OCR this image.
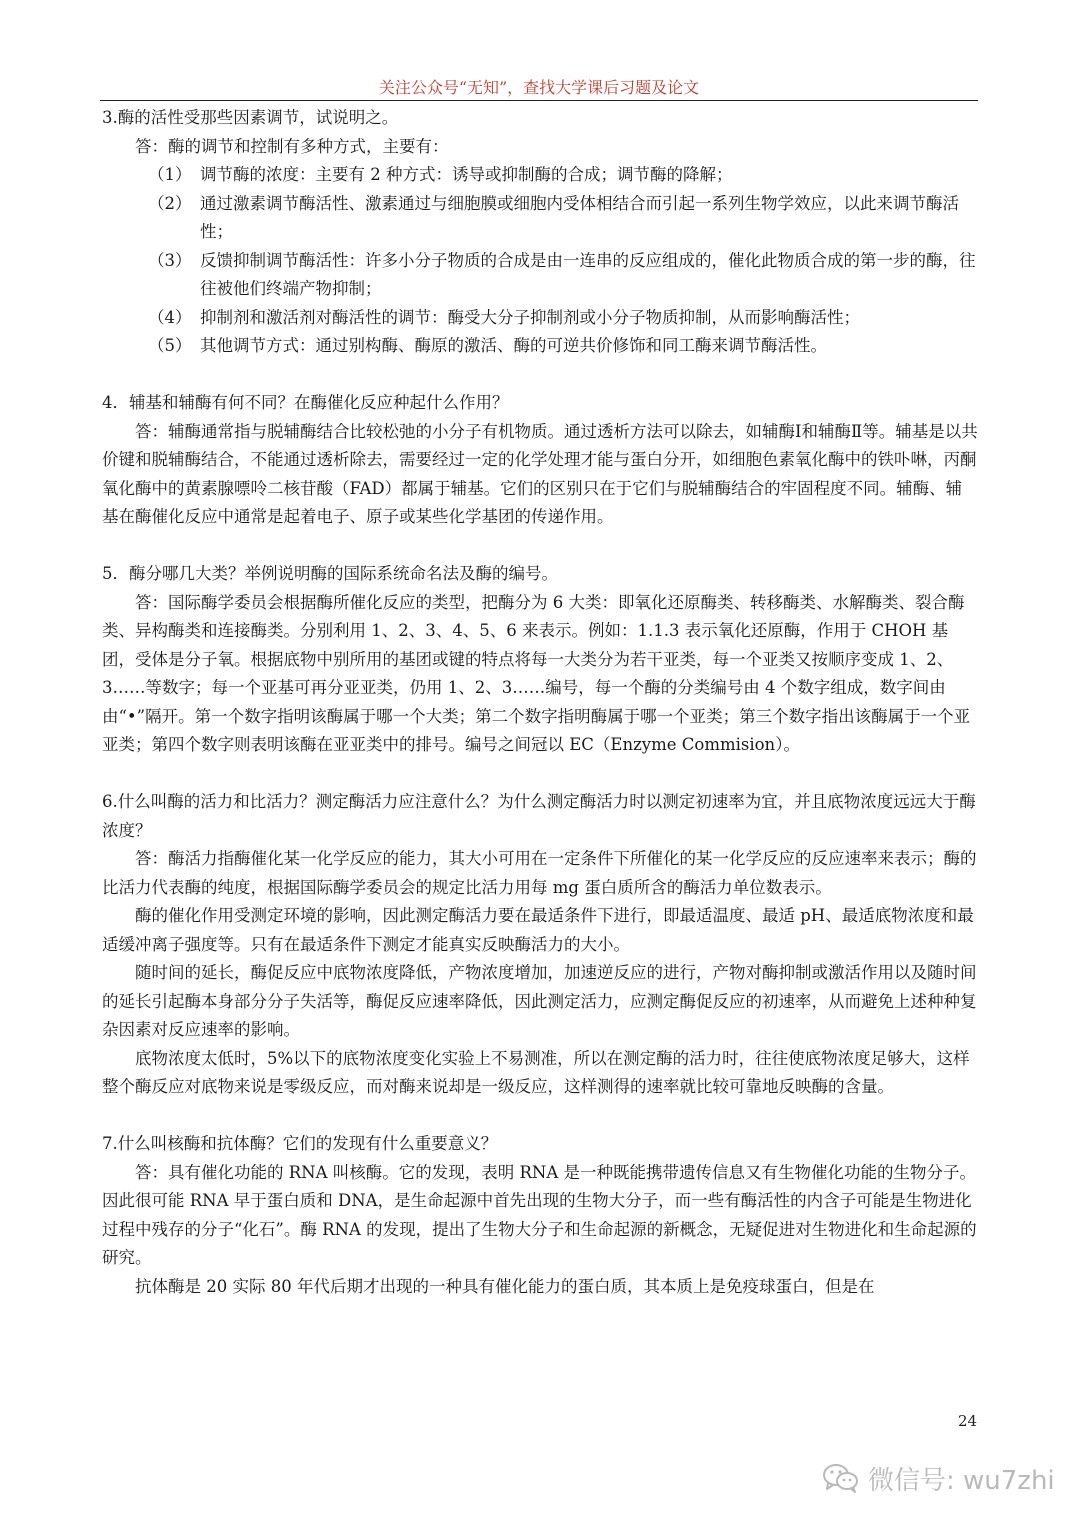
关注公众号“无知”，查找大学课后习题及论文

3.酶的活性受那些因素调节，试说明之。

答：酶的调节和控制有多种方式，主要有：

（1） 调节酶的浓度：主要有 2 种方式：诱导或抑制酶的合成；调节酶的降解；
（2） 通过激素调节酶活性、激素通过与细胞膜或细胞内受体相结合而引起一系列生物学效应，以此来调节酶活性；
（3） 反馈抑制调节酶活性：许多小分子物质的合成是由一连串的反应组成的，催化此物质合成的第一步的酶，往往被他们终端产物抑制；
（4） 抑制剂和激活剂对酶活性的调节：酶受大分子抑制剂或小分子物质抑制，从而影响酶活性；
（5） 其他调节方式：通过别构酶、酶原的激活、酶的可逆共价修饰和同工酶来调节酶活性。

4．辅基和辅酶有何不同？在酶催化反应种起什么作用？

答：辅酶通常指与脱辅酶结合比较松弛的小分子有机物质。通过透析方法可以除去，如辅酶Ⅰ和辅酶Ⅱ等。辅基是以共价键和脱辅酶结合，不能通过透析除去，需要经过一定的化学处理才能与蛋白分开，如细胞色素氧化酶中的铁卟啉，丙酮氧化酶中的黄素腺嘌呤二核苷酸（FAD）都属于辅基。它们的区别只在于它们与脱辅酶结合的牢固程度不同。辅酶、辅基在酶催化反应中通常是起着电子、原子或某些化学基团的传递作用。

5．酶分哪几大类？举例说明酶的国际系统命名法及酶的编号。

答：国际酶学委员会根据酶所催化反应的类型，把酶分为 6 大类：即氧化还原酶类、转移酶类、水解酶类、裂合酶类、异构酶类和连接酶类。分别利用 1、2、3、4、5、6 来表示。例如：1.1.3 表示氧化还原酶，作用于 CHOH 基团，受体是分子氧。根据底物中别所用的基团或键的特点将每一大类分为若干亚类，每一个亚类又按顺序变成 1、2、3……等数字；每一个亚基可再分亚亚类，仍用 1、2、3……编号，每一个酶的分类编号由 4 个数字组成，数字间由由“•”隔开。第一个数字指明该酶属于哪一个大类；第二个数字指明酶属于哪一个亚类；第三个数字指出该酶属于一个亚亚类；第四个数字则表明该酶在亚亚类中的排号。编号之间冠以 EC（Enzyme Commision）。

6.什么叫酶的活力和比活力？测定酶活力应注意什么？为什么测定酶活力时以测定初速率为宜，并且底物浓度远远大于酶浓度？

答：酶活力指酶催化某一化学反应的能力，其大小可用在一定条件下所催化的某一化学反应的反应速率来表示；酶的比活力代表酶的纯度，根据国际酶学委员会的规定比活力用每 mg 蛋白质所含的酶活力单位数表示。

酶的催化作用受测定环境的影响，因此测定酶活力要在最适条件下进行，即最适温度、最适 pH、最适底物浓度和最适缓冲离子强度等。只有在最适条件下测定才能真实反映酶活力的大小。

随时间的延长，酶促反应中底物浓度降低，产物浓度增加，加速逆反应的进行，产物对酶抑制或激活作用以及随时间的延长引起酶本身部分分子失活等，酶促反应速率降低，因此测定活力，应测定酶促反应的初速率，从而避免上述种种复杂因素对反应速率的影响。

底物浓度太低时，5%以下的底物浓度变化实验上不易测准，所以在测定酶的活力时，往往使底物浓度足够大，这样整个酶反应对底物来说是零级反应，而对酶来说却是一级反应，这样测得的速率就比较可靠地反映酶的含量。

7.什么叫核酶和抗体酶？它们的发现有什么重要意义？

答：具有催化功能的 RNA 叫核酶。它的发现，表明 RNA 是一种既能携带遗传信息又有生物催化功能的生物分子。因此很可能 RNA 早于蛋白质和 DNA，是生命起源中首先出现的生物大分子，而一些有酶活性的内含子可能是生物进化过程中残存的分子“化石”。酶 RNA 的发现，提出了生物大分子和生命起源的新概念，无疑促进对生物进化和生命起源的研究。

抗体酶是 20 实际 80 年代后期才出现的一种具有催化能力的蛋白质，其本质上是免疫球蛋白，但是在

24
微信号: wu7zhi
